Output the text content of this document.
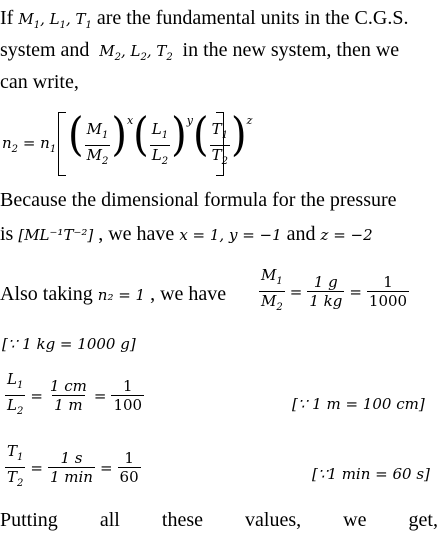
If $M_1$, $L_1$, $T_1$ are the fundamental units in the C.G.S.
system and  $M_2$, $L_2$, $T_2$ in the new system, then we
can write,
$n_2 = n_1$ ( $\frac{M_1}{M_2}$ ) x ( $\frac{L_1}{L_2}$ ) y ( $\frac{T_1}{T_2}$ ) z
Because the dimensional formula for the pressure
is [ML⁻¹T⁻²] , we have x = 1, y = −1 and z = −2
Also taking n₂ = 1 , we have $\frac{M_1}{M_2} = \frac{1 g}{1 kg} = \frac{1}{1000}$
[∵ 1 kg = 1000 g]
$\frac{L_1}{L_2} = \frac{1 cm}{1 m} = \frac{1}{100}$	[∵ 1 m = 100 cm]
$\frac{T_1}{T_2} = \frac{1 s}{1 \min} = \frac{1}{60}$	[∵1 min = 60 s]
Putting all these values, we get,
